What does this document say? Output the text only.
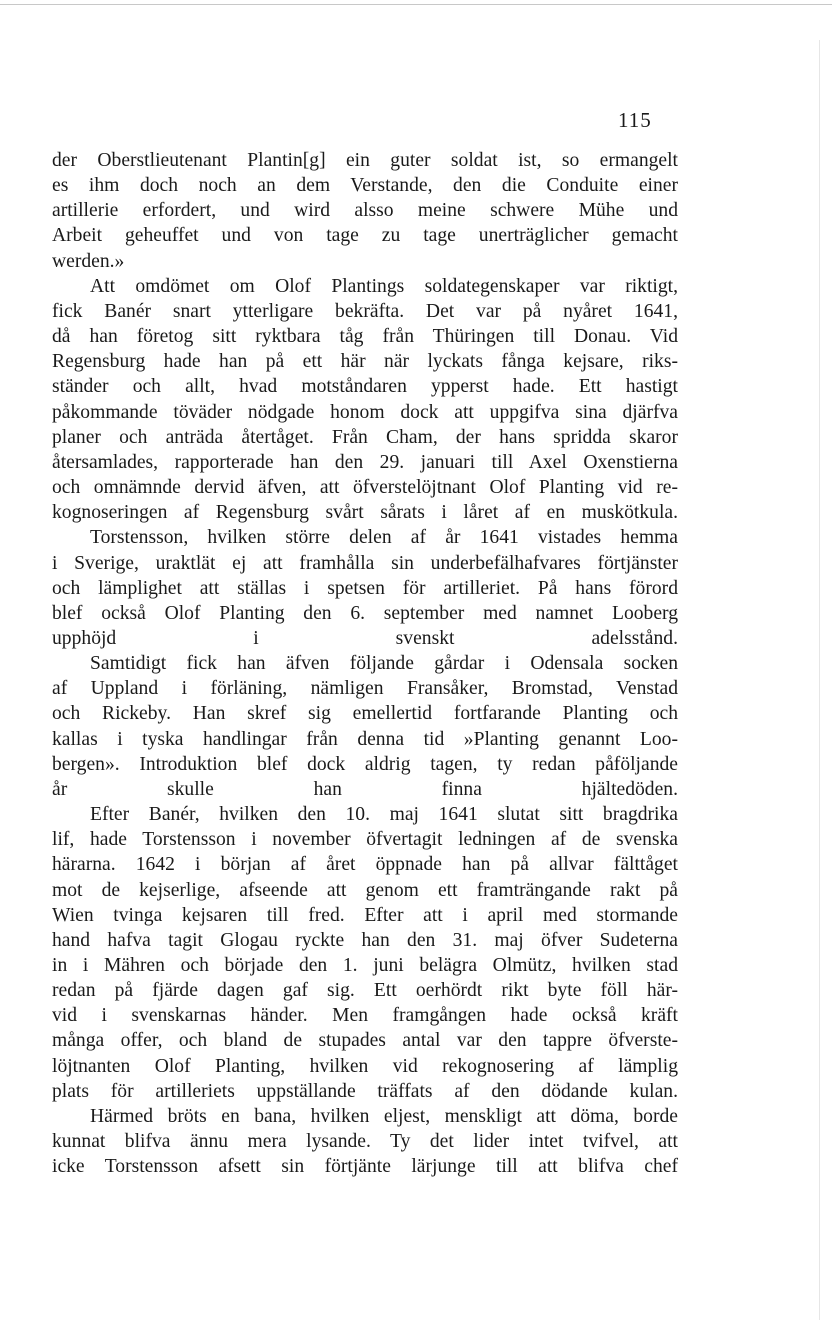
115
der Oberstlieutenant Plantin[g] ein guter soldat ist, so ermangelt
es ihm doch noch an dem Verstande, den die Conduite einer
artillerie erfordert, und wird alsso meine schwere Mühe und
Arbeit geheuffet und von tage zu tage unerträglicher gemacht
werden.»
Att omdömet om Olof Plantings soldategenskaper var riktigt,
fick Banér snart ytterligare bekräfta. Det var på nyåret 1641,
då han företog sitt ryktbara tåg från Thüringen till Donau. Vid
Regensburg hade han på ett här när lyckats fånga kejsare, riks-
ständer och allt, hvad motståndaren ypperst hade. Ett hastigt
påkommande töväder nödgade honom dock att uppgifva sina djärfva
planer och anträda återtåget. Från Cham, der hans spridda skaror
återsamlades, rapporterade han den 29. januari till Axel Oxenstierna
och omnämnde dervid äfven, att öfverstelöjtnant Olof Planting vid re-
kognoseringen af Regensburg svårt sårats i låret af en muskötkula.
Torstensson, hvilken större delen af år 1641 vistades hemma
i Sverige, uraktlät ej att framhålla sin underbefälhafvares förtjänster
och lämplighet att ställas i spetsen för artilleriet. På hans förord
blef också Olof Planting den 6. september med namnet Looberg
upphöjd i svenskt adelsstånd.
Samtidigt fick han äfven följande gårdar i Odensala socken
af Uppland i förläning, nämligen Fransåker, Bromstad, Venstad
och Rickeby. Han skref sig emellertid fortfarande Planting och
kallas i tyska handlingar från denna tid »Planting genannt Loo-
bergen». Introduktion blef dock aldrig tagen, ty redan påföljande
år skulle han finna hjältedöden.
Efter Banér, hvilken den 10. maj 1641 slutat sitt bragdrika
lif, hade Torstensson i november öfvertagit ledningen af de svenska
härarna. 1642 i början af året öppnade han på allvar fälttåget
mot de kejserlige, afseende att genom ett framträngande rakt på
Wien tvinga kejsaren till fred. Efter att i april med stormande
hand hafva tagit Glogau ryckte han den 31. maj öfver Sudeterna
in i Mähren och började den 1. juni belägra Olmütz, hvilken stad
redan på fjärde dagen gaf sig. Ett oerhördt rikt byte föll här-
vid i svenskarnas händer. Men framgången hade också kräft
många offer, och bland de stupades antal var den tappre öfverste-
löjtnanten Olof Planting, hvilken vid rekognosering af lämplig
plats för artilleriets uppställande träffats af den dödande kulan.
Härmed bröts en bana, hvilken eljest, menskligt att döma, borde
kunnat blifva ännu mera lysande. Ty det lider intet tvifvel, att
icke Torstensson afsett sin förtjänte lärjunge till att blifva chef
